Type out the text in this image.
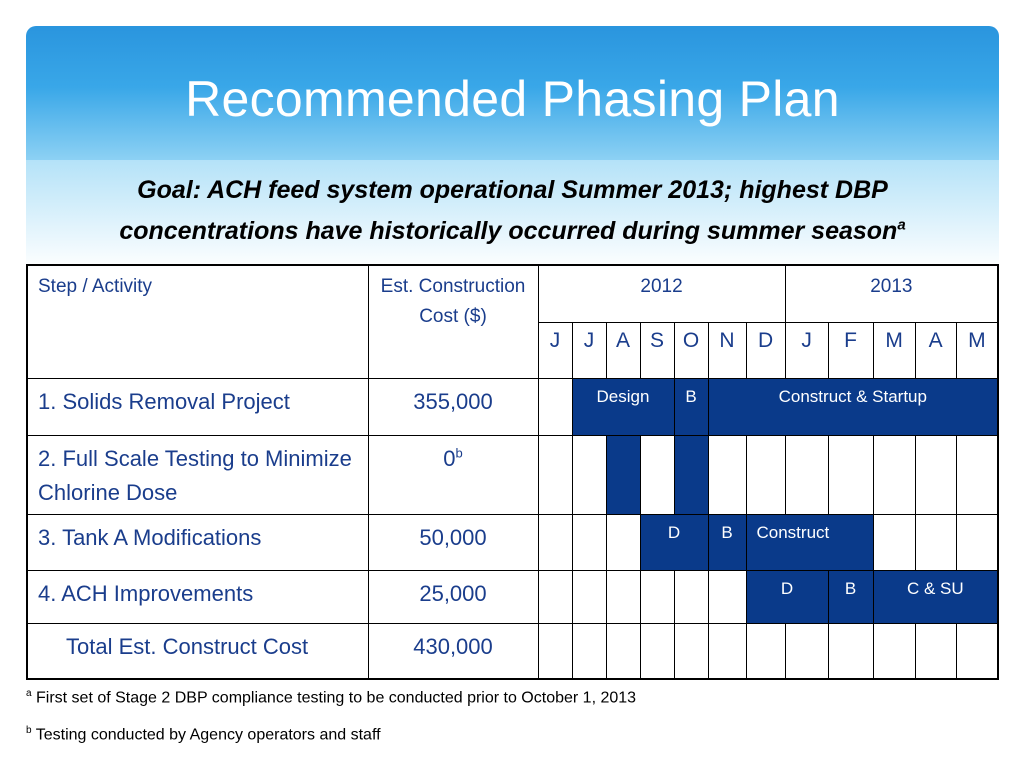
Recommended Phasing Plan
Goal: ACH feed system operational Summer 2013; highest DBP
concentrations have historically occurred during summer season$^a$
Step / Activity	Est. Construction Cost ($)	2012							2013				
		J	J	A	S	O	N	D	J	F	M	A	M
1. Solids Removal Project	355,000		Design			B	Construct & Startup						
2. Full Scale Testing to Minimize Chlorine Dose	0$^b$												
3. Tank A Modifications	50,000				D		B	Construct					
4. ACH Improvements	25,000							D		B	C & SU		
Total Est. Construct Cost	430,000												
$^a$ First set of Stage 2 DBP compliance testing to be conducted prior to October 1, 2013
$^b$ Testing conducted by Agency operators and staff
